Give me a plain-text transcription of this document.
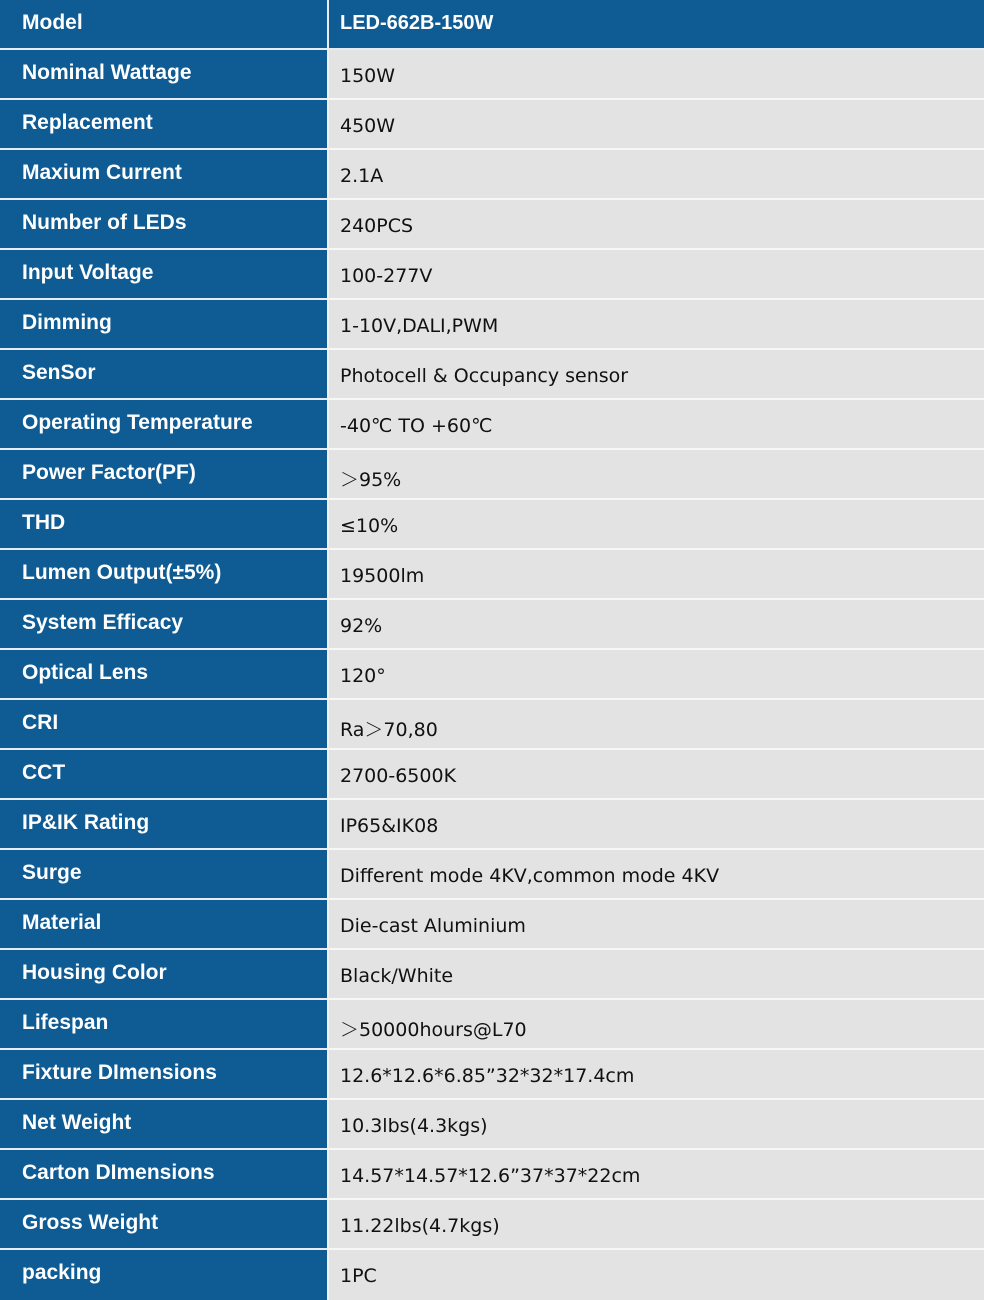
Model	LED-662B-150W
Nominal Wattage	150W
Replacement	450W
Maxium Current	2.1A
Number of LEDs	240PCS
Input Voltage	100-277V
Dimming	1-10V,DALI,PWM
SenSor	Photocell & Occupancy sensor
Operating Temperature	-40℃ TO +60℃
Power Factor(PF)	＞95%
THD	≤10%
Lumen Output(±5%)	19500lm
System Efficacy	92%
Optical Lens	120°
CRI	Ra＞70,80
CCT	2700-6500K
IP&IK Rating	IP65&IK08
Surge	Different mode 4KV,common mode 4KV
Material	Die-cast Aluminium
Housing Color	Black/White
Lifespan	＞50000hours@L70
Fixture DImensions	12.6*12.6*6.85”32*32*17.4cm
Net Weight	10.3lbs(4.3kgs)
Carton DImensions	14.57*14.57*12.6”37*37*22cm
Gross Weight	11.22lbs(4.7kgs)
packing	1PC
